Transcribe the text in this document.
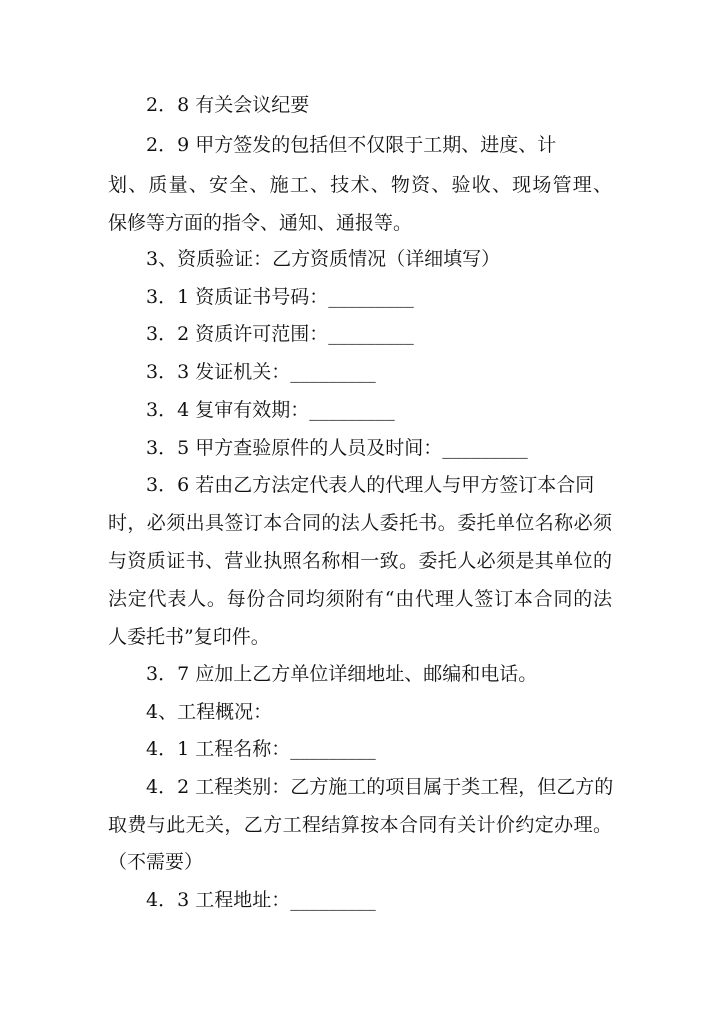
2．8 有关会议纪要
2．9 甲方签发的包括但不仅限于工期、进度、计
划、质量、安全、施工、技术、物资、验收、现场管理、
保修等方面的指令、通知、通报等。
3、资质验证：乙方资质情况（详细填写）
3．1 资质证书号码：_________
3．2 资质许可范围：_________
3．3 发证机关：_________
3．4 复审有效期：_________
3．5 甲方查验原件的人员及时间：_________
3．6 若由乙方法定代表人的代理人与甲方签订本合同
时，必须出具签订本合同的法人委托书。委托单位名称必须
与资质证书、营业执照名称相一致。委托人必须是其单位的
法定代表人。每份合同均须附有“由代理人签订本合同的法
人委托书”复印件。
3．7 应加上乙方单位详细地址、邮编和电话。
4、工程概况：
4．1 工程名称：_________
4．2 工程类别：乙方施工的项目属于类工程，但乙方的
取费与此无关，乙方工程结算按本合同有关计价约定办理。
（不需要）
4．3 工程地址：_________
